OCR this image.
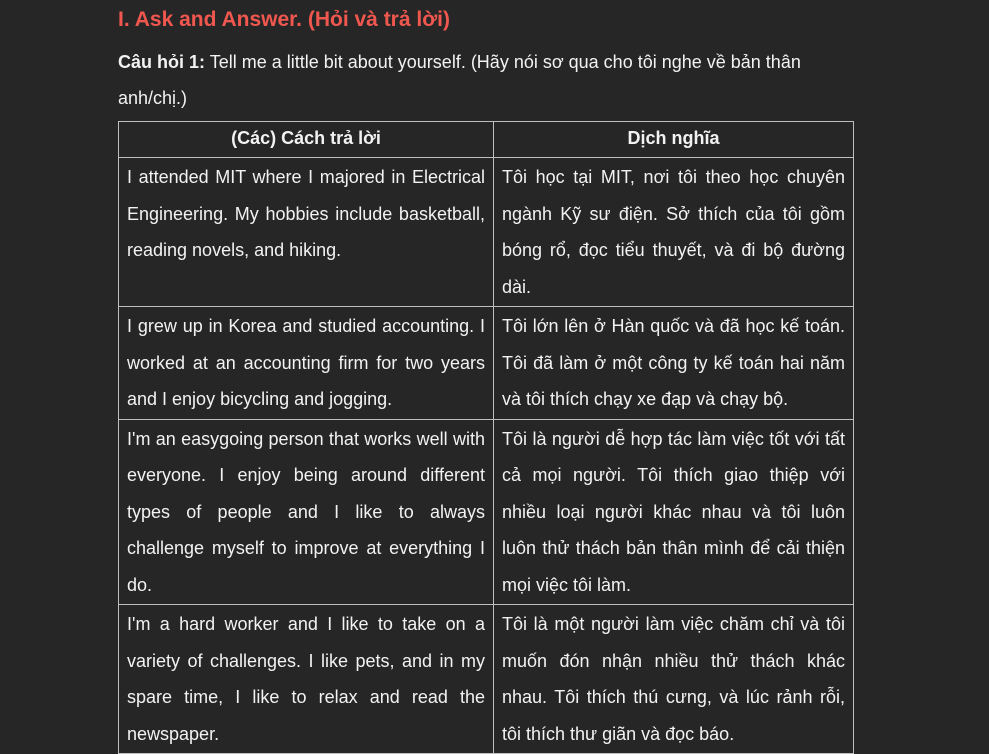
I. Ask and Answer. (Hỏi và trả lời)
Câu hỏi 1: Tell me a little bit about yourself. (Hãy nói sơ qua cho tôi nghe về bản thân anh/chị.)
(Các) Cách trả lời	Dịch nghĩa
I attended MIT where I majored in Electrical Engineering. My hobbies include basketball, reading novels, and hiking.	Tôi học tại MIT, nơi tôi theo học chuyên ngành Kỹ sư điện. Sở thích của tôi gồm bóng rổ, đọc tiểu thuyết, và đi bộ đường dài.
I grew up in Korea and studied accounting. I worked at an accounting firm for two years and I enjoy bicycling and jogging.	Tôi lớn lên ở Hàn quốc và đã học kế toán. Tôi đã làm ở một công ty kế toán hai năm và tôi thích chạy xe đạp và chạy bộ.
I'm an easygoing person that works well with everyone. I enjoy being around different types of people and I like to always challenge myself to improve at everything I do.	Tôi là người dễ hợp tác làm việc tốt với tất cả mọi người. Tôi thích giao thiệp với nhiều loại người khác nhau và tôi luôn luôn thử thách bản thân mình để cải thiện mọi việc tôi làm.
I'm a hard worker and I like to take on a variety of challenges. I like pets, and in my spare time, I like to relax and read the newspaper.	Tôi là một người làm việc chăm chỉ và tôi muốn đón nhận nhiều thử thách khác nhau. Tôi thích thú cưng, và lúc rảnh rỗi, tôi thích thư giãn và đọc báo.
